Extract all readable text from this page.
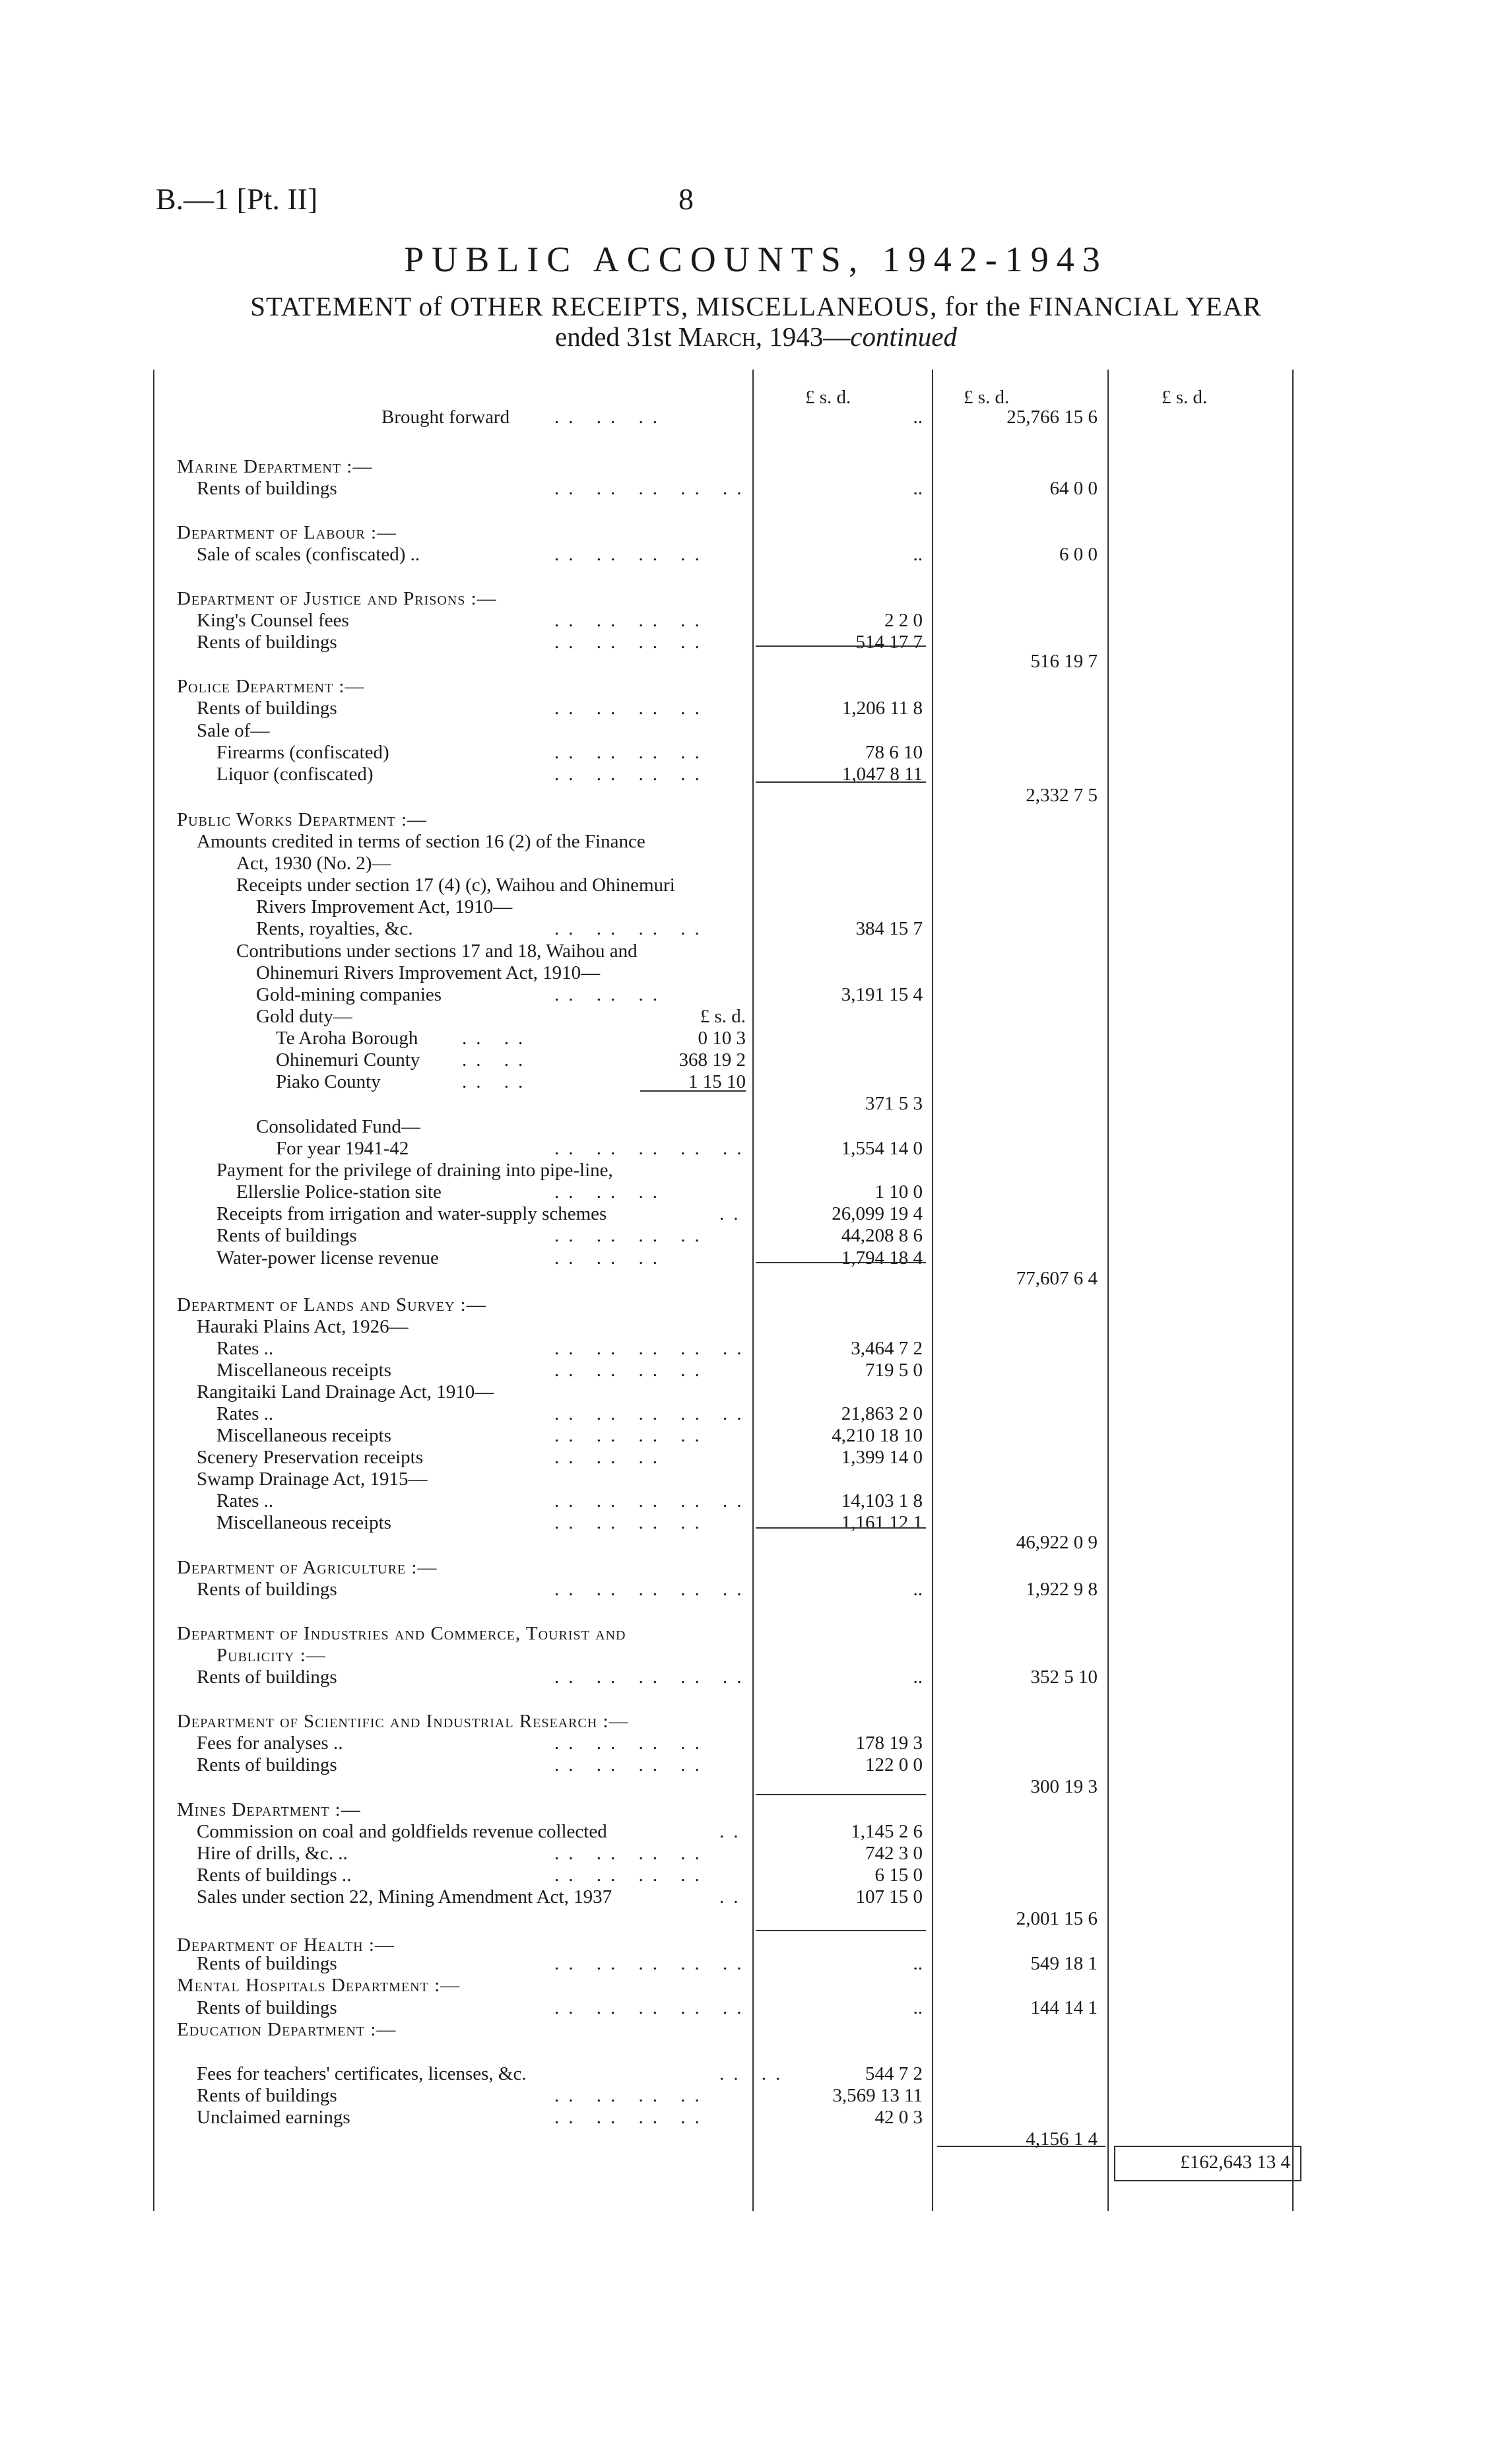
B.—1 [Pt. II]	8
PUBLIC ACCOUNTS, 1942-1943
STATEMENT of OTHER RECEIPTS, MISCELLANEOUS, for the FINANCIAL YEAR
ended 31st March, 1943—continued
£ s. d.	£ s. d.	£ s. d.
Brought forward .. .. ..	..	25,766 15 6
Marine Department :—
Rents of buildings	.. .. .. .. ..	..	64 0 0
Department of Labour :—
Sale of scales (confiscated) ..	.. .. .. ..	..	6 0 0
Department of Justice and Prisons :—
King's Counsel fees	.. .. .. ..	2 2 0
Rents of buildings	.. .. .. ..	514 17 7
516 19 7
Police Department :—
Rents of buildings	.. .. .. ..	1,206 11 8
Sale of—
Firearms (confiscated)	.. .. .. ..	78 6 10
Liquor (confiscated)	.. .. .. ..	1,047 8 11
2,332 7 5
Public Works Department :—
Amounts credited in terms of section 16 (2) of the Finance
Act, 1930 (No. 2)—
Receipts under section 17 (4) (c), Waihou and Ohinemuri
Rivers Improvement Act, 1910—
Rents, royalties, &c.	.. .. .. ..	384 15 7
Contributions under sections 17 and 18, Waihou and
Ohinemuri Rivers Improvement Act, 1910—
Gold-mining companies	.. .. ..	3,191 15 4
Gold duty—	£ s. d.
Te Aroha Borough .. ..	0 10 3
Ohinemuri County .. ..	368 19 2
Piako County	.. ..	1 15 10
371 5 3
Consolidated Fund—
For year 1941-42	.. .. .. .. ..	1,554 14 0
Payment for the privilege of draining into pipe-line,
Ellerslie Police-station site	.. .. ..	1 10 0
Receipts from irrigation and water-supply schemes	..	26,099 19 4
Rents of buildings	.. .. .. ..	44,208 8 6
Water-power license revenue	.. .. ..	1,794 18 4
77,607 6 4
Department of Lands and Survey :—
Hauraki Plains Act, 1926—
Rates ..	.. .. .. .. ..	3,464 7 2
Miscellaneous receipts	.. .. .. ..	719 5 0
Rangitaiki Land Drainage Act, 1910—
Rates ..	.. .. .. .. ..	21,863 2 0
Miscellaneous receipts	.. .. .. ..	4,210 18 10
Scenery Preservation receipts	.. .. ..	1,399 14 0
Swamp Drainage Act, 1915—
Rates ..	.. .. .. .. ..	14,103 1 8
Miscellaneous receipts	.. .. .. ..	1,161 12 1
46,922 0 9
Department of Agriculture :—
Rents of buildings	.. .. .. .. ..	..	1,922 9 8
Department of Industries and Commerce, Tourist and
Publicity :—
Rents of buildings	.. .. .. .. ..	..	352 5 10
Department of Scientific and Industrial Research :—
Fees for analyses ..	.. .. .. ..	178 19 3
Rents of buildings	.. .. .. ..	122 0 0
300 19 3
Mines Department :—
Commission on coal and goldfields revenue collected	..	1,145 2 6
Hire of drills, &c. ..	.. .. .. ..	742 3 0
Rents of buildings ..	.. .. .. ..	6 15 0
Sales under section 22, Mining Amendment Act, 1937	..	107 15 0
2,001 15 6
Department of Health :—
Rents of buildings	.. .. .. .. ..	..	549 18 1
Mental Hospitals Department :—
Rents of buildings	.. .. .. .. ..	..	144 14 1
Education Department :—
Fees for teachers' certificates, licenses, &c.	.. ..	544 7 2
Rents of buildings	.. .. .. ..	3,569 13 11
Unclaimed earnings	.. .. .. ..	42 0 3
4,156 1 4
£162,643 13 4
